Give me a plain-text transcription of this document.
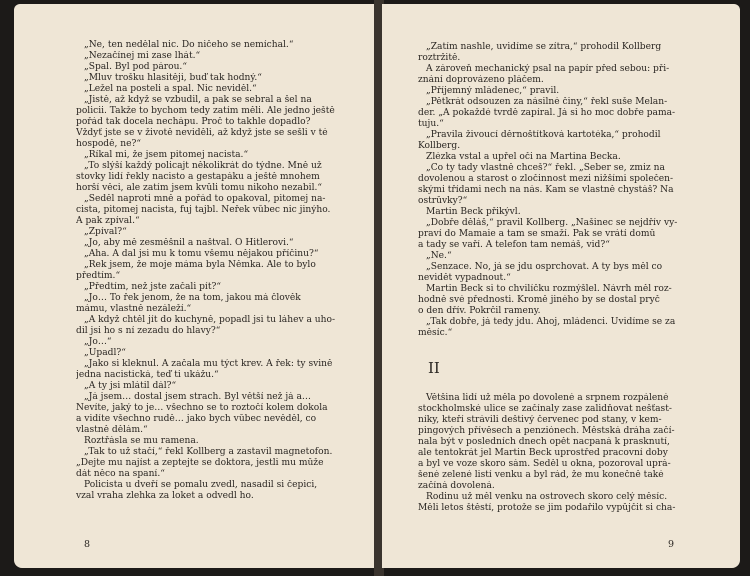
„Ne, ten nedělal nic. Do ničeho se nemíchal.“
„Nezačínej mi zase lhát.“
„Spal. Byl pod párou.“
„Mluv trošku hlasitěji, buď tak hodný.“
„Ležel na posteli a spal. Nic neviděl.“
„Jistě, až když se vzbudil, a pak se sebral a šel na
policii. Takže to bychom tedy zatím měli. Ale jedno ještě
pořád tak docela nechápu. Proč to takhle dopadlo?
Vždyť jste se v životě neviděli, až když jste se sešli v té
hospodě, ne?“
„Říkal mi, že jsem pitomej nacista.“
„To slýší každý policajt několikrát do týdne. Mně už
stovky lidí řekly nacisto a gestapáku a ještě mnohem
horší věci, ale zatím jsem kvůli tomu nikoho nezabil.“
„Seděl naproti mně a pořád to opakoval, pitomej na-
cista, pitomej nacista, fuj tajbl. Neřek vůbec nic jinýho.
A pak zpíval.“
„Zpíval?“
„Jo, aby mě zesměšnil a naštval. O Hitlerovi.“
„Aha. A dal jsi mu k tomu všemu nějakou příčinu?“
„Řek jsem, že moje máma byla Němka. Ale to bylo
předtím.“
„Předtím, než jste začali pít?“
„Jo… To řek jenom, že na tom, jakou má člověk
mámu, vlastně nezáleží.“
„A když chtěl jít do kuchyně, popadl jsi tu láhev a uho-
dil jsi ho s ní zezadu do hlavy?“
„Jo…“
„Upadl?“
„Jako si kleknul. A začala mu týct krev. A řek: ty svině
jedna nacistická, teď ti ukážu.“
„A ty jsi mlátil dál?“
„Já jsem… dostal jsem strach. Byl větší než já a…
Nevíte, jaký to je… všechno se to roztočí kolem dokola
a vidíte všechno rudě… jako bych vůbec nevěděl, co
vlastně dělám.“
Roztřásla se mu ramena.
„Tak to už stačí,“ řekl Kollberg a zastavil magnetofon.
„Dejte mu najíst a zeptejte se doktora, jestli mu může
dát něco na spaní.“
Policista u dveří se pomalu zvedl, nasadil si čepici,
vzal vraha zlehka za loket a odvedl ho.
8
„Zatím nashle, uvidíme se zítra,“ prohodil Kollberg
roztržitě.
A zároveň mechanický psal na papír před sebou: při-
znání doprovázeno pláčem.
„Příjemný mládenec,“ pravil.
„Pětkrát odsouzen za násilné činy,“ řekl suše Melan-
der. „A pokaždé tvrdě zapíral. Já si ho moc dobře pama-
tuju.“
„Pravila živoucí děrnoštítková kartotéka,“ prohodil
Kollberg.
Zlézka vstal a upřel oči na Martina Becka.
„Co ty tady vlastně chceš?“ řekl. „Seber se, zmiz na
dovolenou a starost o zločinnost mezi nižšími společen-
skými třídami nech na nás. Kam se vlastně chystáš? Na
ostrůvky?“
Martin Beck přikývl.
„Dobře děláš,“ pravil Kollberg. „Našinec se nejdřív vy-
praví do Mamaie a tam se smaží. Pak se vrátí domů
a tady se vaří. A telefon tam nemáš, vid?“
„Ne.“
„Senzace. No, já se jdu osprchovat. A ty bys měl co
nevidět vypadnout.“
Martin Beck si to chvilíčku rozmýšlel. Návrh měl roz-
hodně své přednosti. Kromě jiného by se dostal pryč
o den dřív. Pokrčil rameny.
„Tak dobře, já tedy jdu. Ahoj, mládenci. Uvidíme se za
měsíc.“
II
Většina lidí už měla po dovolené a srpnem rozpálené
stockholmské ulice se začínaly zase zalidňovat nešťast-
níky, kteří strávili deštivý červenec pod stany, v kem-
pingových přívěsech a penziónech. Městská dráha začí-
nala být v posledních dnech opět nacpaná k prasknutí,
ale tentokrát jel Martin Beck uprostřed pracovní doby
a byl ve voze skoro sám. Seděl u okna, pozoroval uprá-
šené zelené listí venku a byl rád, že mu konečně také
začíná dovolená.
Rodinu už měl venku na ostrovech skoro celý měsíc.
Měli letos štěstí, protože se jim podařilo vypůjčit si cha-
9
